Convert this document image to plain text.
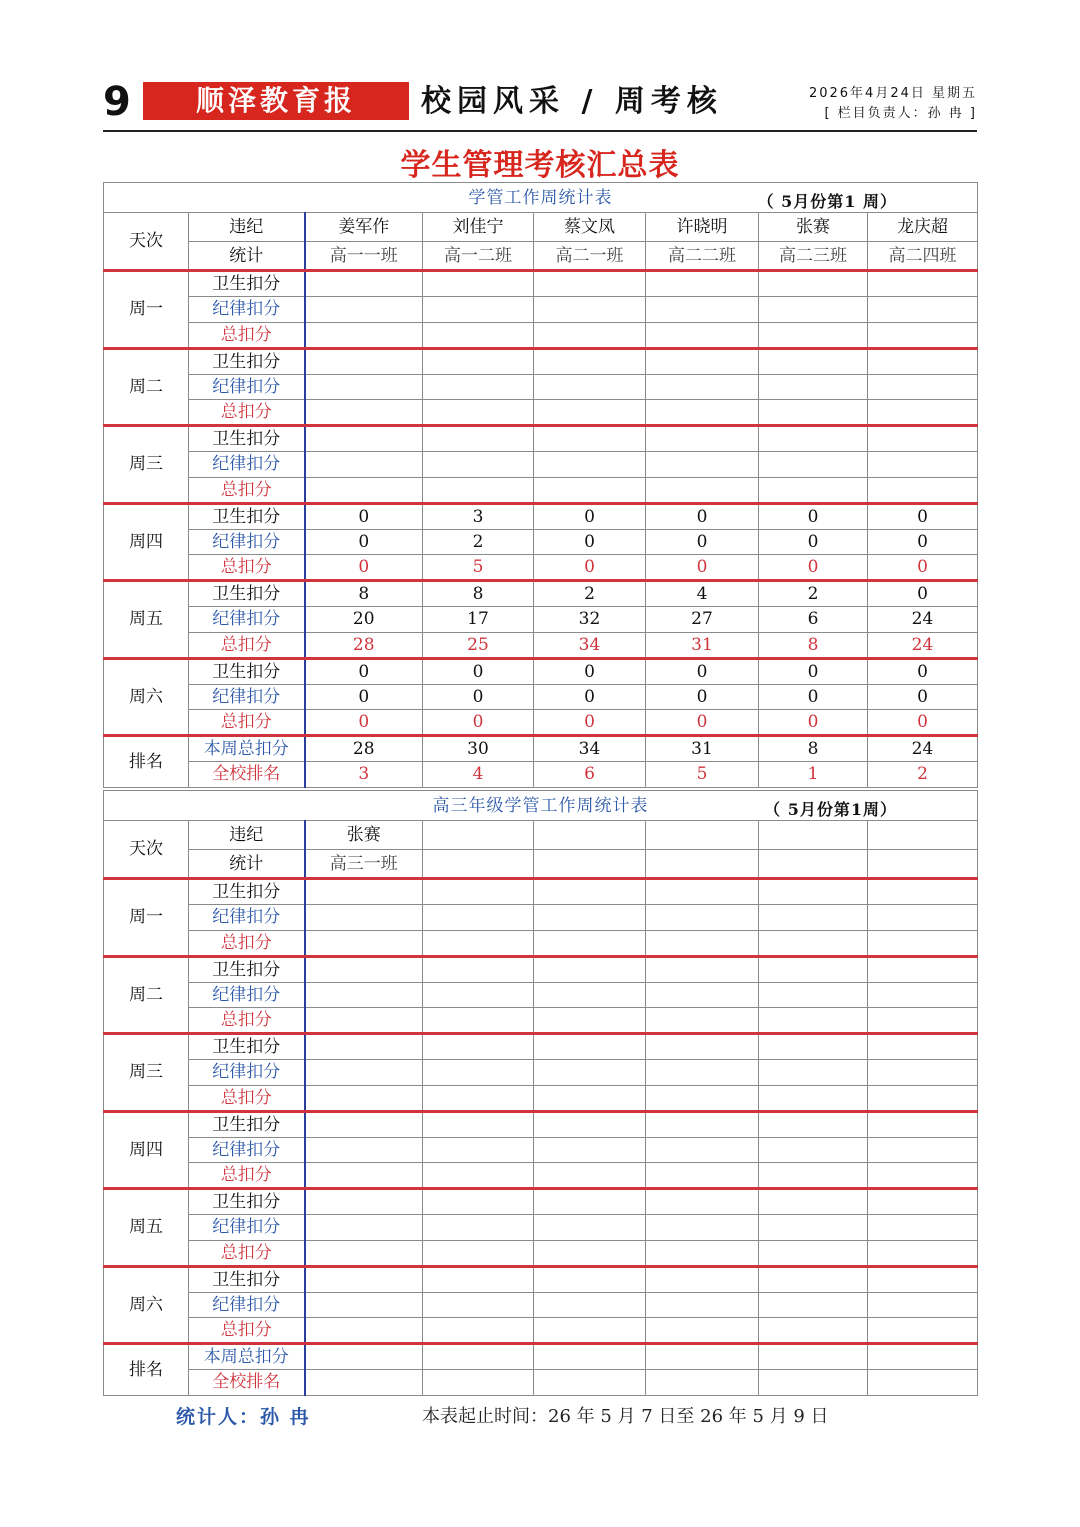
9	顺泽教育报	校园风采 / 周考核	2026年4月24日 星期五
[ 栏目负责人：孙 冉 ]
学生管理考核汇总表
学管工作周统计表 （ 5月份第1 周）							

天次	违纪	姜军作	刘佳宁	蔡文凤	许晓明	张赛	龙庆超
	统计	高一一班	高一二班	高二一班	高二二班	高二三班	高二四班
周一	卫生扣分						
	纪律扣分						
	总扣分						
周二	卫生扣分						
	纪律扣分						
	总扣分						
周三	卫生扣分						
	纪律扣分						
	总扣分						
周四	卫生扣分	0	3	0	0	0	0
	纪律扣分	0	2	0	0	0	0
	总扣分	0	5	0	0	0	0
周五	卫生扣分	8	8	2	4	2	0
	纪律扣分	20	17	32	27	6	24
	总扣分	28	25	34	31	8	24
周六	卫生扣分	0	0	0	0	0	0
	纪律扣分	0	0	0	0	0	0
	总扣分	0	0	0	0	0	0
排名	本周总扣分	28	30	34	31	8	24
	全校排名	3	4	6	5	1	2
高三年级学管工作周统计表 （ 5月份第1周）							

天次	违纪	张赛					
	统计	高三一班					
周一	卫生扣分						
	纪律扣分						
	总扣分						
周二	卫生扣分						
	纪律扣分						
	总扣分						
周三	卫生扣分						
	纪律扣分						
	总扣分						
周四	卫生扣分						
	纪律扣分						
	总扣分						
周五	卫生扣分						
	纪律扣分						
	总扣分						
周六	卫生扣分						
	纪律扣分						
	总扣分						
排名	本周总扣分						
	全校排名						
统计人：孙 冉	本表起止时间：26 年 5 月 7 日至 26 年 5 月 9 日
